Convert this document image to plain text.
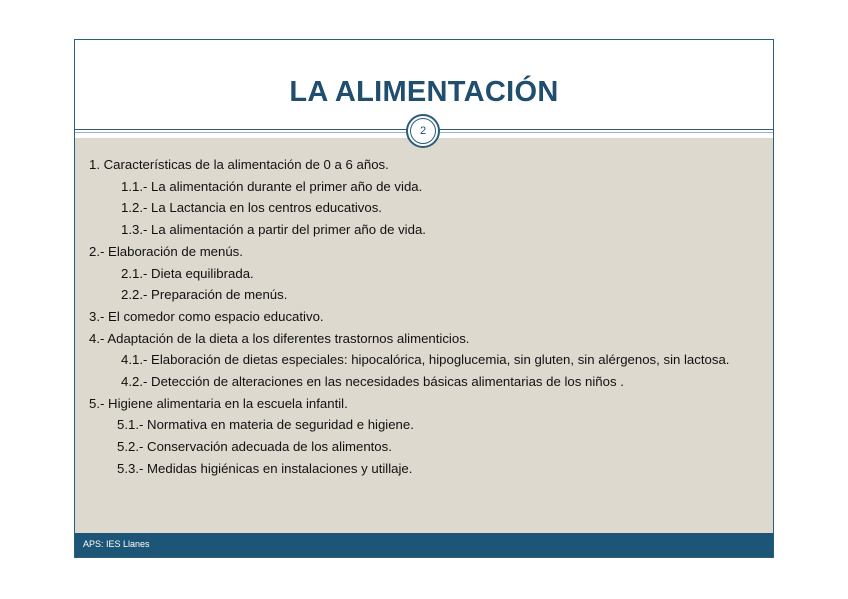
LA ALIMENTACIÓN
1. Características de la alimentación de 0 a 6 años.
1.1.- La alimentación durante el primer año de vida.
1.2.- La Lactancia en los centros educativos.
1.3.- La alimentación a partir del primer año de vida.
2.- Elaboración de menús.
2.1.- Dieta equilibrada.
2.2.- Preparación de menús.
3.- El comedor como espacio educativo.
4.- Adaptación de la dieta a los diferentes trastornos alimenticios.
4.1.- Elaboración de dietas especiales: hipocalórica, hipoglucemia, sin gluten, sin alérgenos, sin lactosa.
4.2.- Detección de alteraciones en las necesidades básicas alimentarias de los niños .
5.- Higiene alimentaria en la escuela infantil.
5.1.- Normativa en materia de seguridad e higiene.
5.2.- Conservación adecuada de los alimentos.
5.3.- Medidas higiénicas en instalaciones y utillaje.
2
APS: IES Llanes
